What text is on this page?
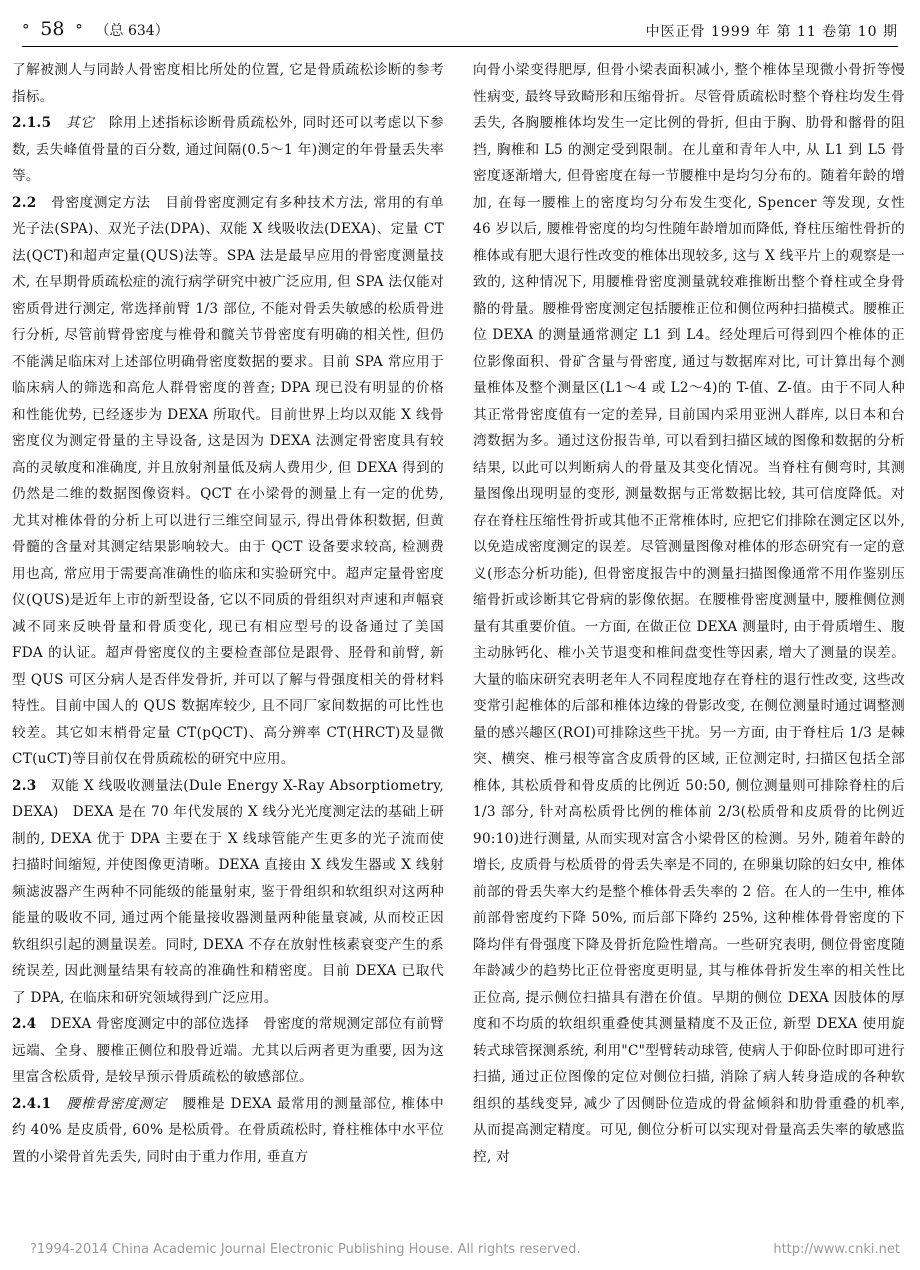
° 58 ° （总 634）	中医正骨 1999 年 第 11 卷第 10 期

了解被测人与同龄人骨密度相比所处的位置, 它是骨质疏松诊断的参考指标。

2.1.5 其它 除用上述指标诊断骨质疏松外, 同时还可以考虑以下参数, 丢失峰值骨量的百分数, 通过间隔(0.5～1 年)测定的年骨量丢失率等。

2.2 骨密度测定方法 目前骨密度测定有多种技术方法, 常用的有单光子法(SPA)、双光子法(DPA)、双能 X 线吸收法(DEXA)、定量 CT 法(QCT)和超声定量(QUS)法等。SPA 法是最早应用的骨密度测量技术, 在早期骨质疏松症的流行病学研究中被广泛应用, 但 SPA 法仅能对密质骨进行测定, 常选择前臂 1/3 部位, 不能对骨丢失敏感的松质骨进行分析, 尽管前臂骨密度与椎骨和髋关节骨密度有明确的相关性, 但仍不能满足临床对上述部位明确骨密度数据的要求。目前 SPA 常应用于临床病人的筛选和高危人群骨密度的普查; DPA 现已没有明显的价格和性能优势, 已经逐步为 DEXA 所取代。目前世界上均以双能 X 线骨密度仪为测定骨量的主导设备, 这是因为 DEXA 法测定骨密度具有较高的灵敏度和准确度, 并且放射剂量低及病人费用少, 但 DEXA 得到的仍然是二维的数据图像资料。QCT 在小梁骨的测量上有一定的优势, 尤其对椎体骨的分析上可以进行三维空间显示, 得出骨体积数据, 但黄骨髓的含量对其测定结果影响较大。由于 QCT 设备要求较高, 检测费用也高, 常应用于需要高准确性的临床和实验研究中。超声定量骨密度仪(QUS)是近年上市的新型设备, 它以不同质的骨组织对声速和声幅衰减不同来反映骨量和骨质变化, 现已有相应型号的设备通过了美国 FDA 的认证。超声骨密度仪的主要检查部位是跟骨、胫骨和前臂, 新型 QUS 可区分病人是否伴发骨折, 并可以了解与骨强度相关的骨材料特性。目前中国人的 QUS 数据库较少, 且不同厂家间数据的可比性也较差。其它如末梢骨定量 CT(pQCT)、高分辨率 CT(HRCT)及显微 CT(uCT)等目前仅在骨质疏松的研究中应用。

2.3 双能 X 线吸收测量法(Dule Energy X-Ray Absorptiometry, DEXA) DEXA 是在 70 年代发展的 X 线分光光度测定法的基础上研制的, DEXA 优于 DPA 主要在于 X 线球管能产生更多的光子流而使扫描时间缩短, 并使图像更清晰。DEXA 直接由 X 线发生器或 X 线射频滤波器产生两种不同能级的能量射束, 鉴于骨组织和软组织对这两种能量的吸收不同, 通过两个能量接收器测量两种能量衰减, 从而校正因软组织引起的测量误差。同时, DEXA 不存在放射性核素衰变产生的系统误差, 因此测量结果有较高的准确性和精密度。目前 DEXA 已取代了 DPA, 在临床和研究领域得到广泛应用。

2.4 DEXA 骨密度测定中的部位选择 骨密度的常规测定部位有前臂远端、全身、腰椎正侧位和股骨近端。尤其以后两者更为重要, 因为这里富含松质骨, 是较早预示骨质疏松的敏感部位。

2.4.1 腰椎骨密度测定 腰椎是 DEXA 最常用的测量部位, 椎体中约 40% 是皮质骨, 60% 是松质骨。在骨质疏松时, 脊柱椎体中水平位置的小梁骨首先丢失, 同时由于重力作用, 垂直方

向骨小梁变得肥厚, 但骨小梁表面积减小, 整个椎体呈现微小骨折等慢性病变, 最终导致畸形和压缩骨折。尽管骨质疏松时整个脊柱均发生骨丢失, 各胸腰椎体均发生一定比例的骨折, 但由于胸、肋骨和髂骨的阻挡, 胸椎和 L5 的测定受到限制。在儿童和青年人中, 从 L1 到 L5 骨密度逐渐增大, 但骨密度在每一节腰椎中是均匀分布的。随着年龄的增加, 在每一腰椎上的密度均匀分布发生变化, Spencer 等发现, 女性 46 岁以后, 腰椎骨密度的均匀性随年龄增加而降低, 脊柱压缩性骨折的椎体或有肥大退行性改变的椎体出现较多, 这与 X 线平片上的观察是一致的, 这种情况下, 用腰椎骨密度测量就较难推断出整个脊柱或全身骨骼的骨量。腰椎骨密度测定包括腰椎正位和侧位两种扫描模式。腰椎正位 DEXA 的测量通常测定 L1 到 L4。经处理后可得到四个椎体的正位影像面积、骨矿含量与骨密度, 通过与数据库对比, 可计算出每个测量椎体及整个测量区(L1～4 或 L2～4)的 T-值、Z-值。由于不同人种其正常骨密度值有一定的差异, 目前国内采用亚洲人群库, 以日本和台湾数据为多。通过这份报告单, 可以看到扫描区域的图像和数据的分析结果, 以此可以判断病人的骨量及其变化情况。当脊柱有侧弯时, 其测量图像出现明显的变形, 测量数据与正常数据比较, 其可信度降低。对存在脊柱压缩性骨折或其他不正常椎体时, 应把它们排除在测定区以外, 以免造成密度测定的误差。尽管测量图像对椎体的形态研究有一定的意义(形态分析功能), 但骨密度报告中的测量扫描图像通常不用作鉴别压缩骨折或诊断其它骨病的影像依据。在腰椎骨密度测量中, 腰椎侧位测量有其重要价值。一方面, 在做正位 DEXA 测量时, 由于骨质增生、腹主动脉钙化、椎小关节退变和椎间盘变性等因素, 增大了测量的误差。大量的临床研究表明老年人不同程度地存在脊柱的退行性改变, 这些改变常引起椎体的后部和椎体边缘的骨影改变, 在侧位测量时通过调整测量的感兴趣区(ROI)可排除这些干扰。另一方面, 由于脊柱后 1/3 是棘突、横突、椎弓根等富含皮质骨的区域, 正位测定时, 扫描区包括全部椎体, 其松质骨和骨皮质的比例近 50:50, 侧位测量则可排除脊柱的后 1/3 部分, 针对高松质骨比例的椎体前 2/3(松质骨和皮质骨的比例近 90:10)进行测量, 从而实现对富含小梁骨区的检测。另外, 随着年龄的增长, 皮质骨与松质骨的骨丢失率是不同的, 在卵巢切除的妇女中, 椎体前部的骨丢失率大约是整个椎体骨丢失率的 2 倍。在人的一生中, 椎体前部骨密度约下降 50%, 而后部下降约 25%, 这种椎体骨骨密度的下降均伴有骨强度下降及骨折危险性增高。一些研究表明, 侧位骨密度随年龄减少的趋势比正位骨密度更明显, 其与椎体骨折发生率的相关性比正位高, 提示侧位扫描具有潜在价值。早期的侧位 DEXA 因肢体的厚度和不均质的软组织重叠使其测量精度不及正位, 新型 DEXA 使用旋转式球管探测系统, 利用"C"型臂转动球管, 使病人于仰卧位时即可进行扫描, 通过正位图像的定位对侧位扫描, 消除了病人转身造成的各种软组织的基线变异, 减少了因侧卧位造成的骨盆倾斜和肋骨重叠的机率, 从而提高测定精度。可见, 侧位分析可以实现对骨量高丢失率的敏感监控, 对

?1994-2014 China Academic Journal Electronic Publishing House. All rights reserved.	http://www.cnki.net
